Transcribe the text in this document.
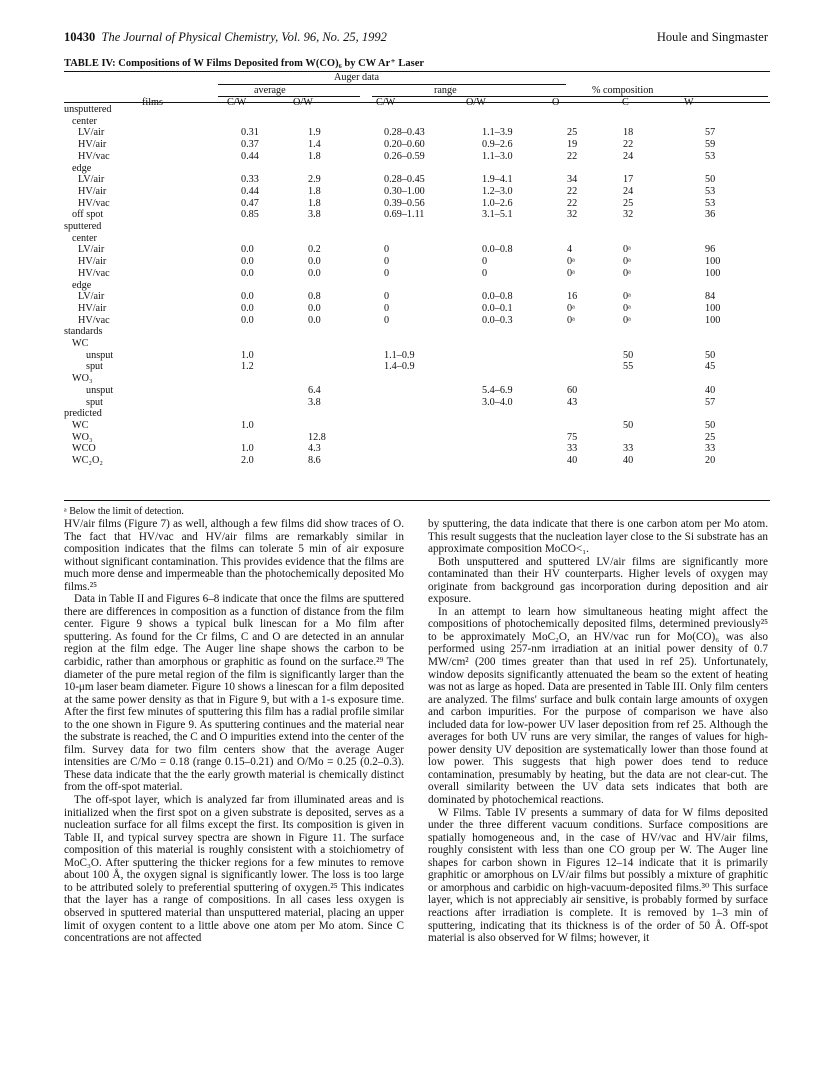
10430 The Journal of Physical Chemistry, Vol. 96, No. 25, 1992	Houle and Singmaster
TABLE IV: Compositions of W Films Deposited from W(CO)₆ by CW Ar⁺ Laser
Auger data
average	range	% composition
films	C/W	O/W	C/W	O/W	O	C	W
unsputtered							
center							
LV/air	0.31	1.9	0.28–0.43	1.1–3.9	25	18	57
HV/air	0.37	1.4	0.20–0.60	0.9–2.6	19	22	59
HV/vac	0.44	1.8	0.26–0.59	1.1–3.0	22	24	53
edge							
LV/air	0.33	2.9	0.28–0.45	1.9–4.1	34	17	50
HV/air	0.44	1.8	0.30–1.00	1.2–3.0	22	24	53
HV/vac	0.47	1.8	0.39–0.56	1.0–2.6	22	25	53
off spot	0.85	3.8	0.69–1.11	3.1–5.1	32	32	36
sputtered							
center							
LV/air	0.0	0.2	0	0.0–0.8	4	0ᵃ	96
HV/air	0.0	0.0	0	0	0ᵃ	0ᵃ	100
HV/vac	0.0	0.0	0	0	0ᵃ	0ᵃ	100
edge							
LV/air	0.0	0.8	0	0.0–0.8	16	0ᵃ	84
HV/air	0.0	0.0	0	0.0–0.1	0ᵃ	0ᵃ	100
HV/vac	0.0	0.0	0	0.0–0.3	0ᵃ	0ᵃ	100
standards							
WC							
unsput	1.0		1.1–0.9			50	50
sput	1.2		1.4–0.9			55	45
WO₃							
unsput		6.4		5.4–6.9	60		40
sput		3.8		3.0–4.0	43		57
predicted							
WC	1.0					50	50
WO₃		12.8			75		25
WCO	1.0	4.3			33	33	33
WC₂O₂	2.0	8.6			40	40	20
ᵃ Below the limit of detection.

HV/air films (Figure 7) as well, although a few films did show traces of O. The fact that HV/vac and HV/air films are remarkably similar in composition indicates that the films can tolerate 5 min of air exposure without significant contamination. This provides evidence that the films are much more dense and impermeable than the photochemically deposited Mo films.²⁵

Data in Table II and Figures 6–8 indicate that once the films are sputtered there are differences in composition as a function of distance from the film center. Figure 9 shows a typical bulk linescan for a Mo film after sputtering. As found for the Cr films, C and O are detected in an annular region at the film edge. The Auger line shape shows the carbon to be carbidic, rather than amorphous or graphitic as found on the surface.²⁹ The diameter of the pure metal region of the film is significantly larger than the 10-μm laser beam diameter. Figure 10 shows a linescan for a film deposited at the same power density as that in Figure 9, but with a 1-s exposure time. After the first few minutes of sputtering this film has a radial profile similar to the one shown in Figure 9. As sputtering continues and the material near the substrate is reached, the C and O impurities extend into the center of the film. Survey data for two film centers show that the average Auger intensities are C/Mo = 0.18 (range 0.15–0.21) and O/Mo = 0.25 (0.2–0.3). These data indicate that the the early growth material is chemically distinct from the off-spot material.

The off-spot layer, which is analyzed far from illuminated areas and is initialized when the first spot on a given substrate is deposited, serves as a nucleation surface for all films except the first. Its composition is given in Table II, and typical survey spectra are shown in Figure 11. The surface composition of this material is roughly consistent with a stoichiometry of MoC₃O. After sputtering the thicker regions for a few minutes to remove about 100 Å, the oxygen signal is significantly lower. The loss is too large to be attributed solely to preferential sputtering of oxygen.²⁵ This indicates that the layer has a range of compositions. In all cases less oxygen is observed in sputtered material than unsputtered material, placing an upper limit of oxygen content to a little above one atom per Mo atom. Since C concentrations are not affected

by sputtering, the data indicate that there is one carbon atom per Mo atom. This result suggests that the nucleation layer close to the Si substrate has an approximate composition MoCO<₁.

Both unsputtered and sputtered LV/air films are significantly more contaminated than their HV counterparts. Higher levels of oxygen may originate from background gas incorporation during deposition and air exposure.

In an attempt to learn how simultaneous heating might affect the compositions of photochemically deposited films, determined previously²⁵ to be approximately MoC₂O, an HV/vac run for Mo(CO)₆ was also performed using 257-nm irradiation at an initial power density of 0.7 MW/cm² (200 times greater than that used in ref 25). Unfortunately, window deposits significantly attenuated the beam so the extent of heating was not as large as hoped. Data are presented in Table III. Only film centers are analyzed. The films' surface and bulk contain large amounts of oxygen and carbon impurities. For the purpose of comparison we have also included data for low-power UV laser deposition from ref 25. Although the averages for both UV runs are very similar, the ranges of values for high-power density UV deposition are systematically lower than those found at low power. This suggests that high power does tend to reduce contamination, presumably by heating, but the data are not clear-cut. The overall similarity between the UV data sets indicates that both are dominated by photochemical reactions.

W Films. Table IV presents a summary of data for W films deposited under the three different vacuum conditions. Surface compositions are spatially homogeneous and, in the case of HV/vac and HV/air films, roughly consistent with less than one CO group per W. The Auger line shapes for carbon shown in Figures 12–14 indicate that it is primarily graphitic or amorphous on LV/air films but possibly a mixture of graphitic or amorphous and carbidic on high-vacuum-deposited films.³⁰ This surface layer, which is not appreciably air sensitive, is probably formed by surface reactions after irradiation is complete. It is removed by 1–3 min of sputtering, indicating that its thickness is of the order of 50 Å. Off-spot material is also observed for W films; however, it
